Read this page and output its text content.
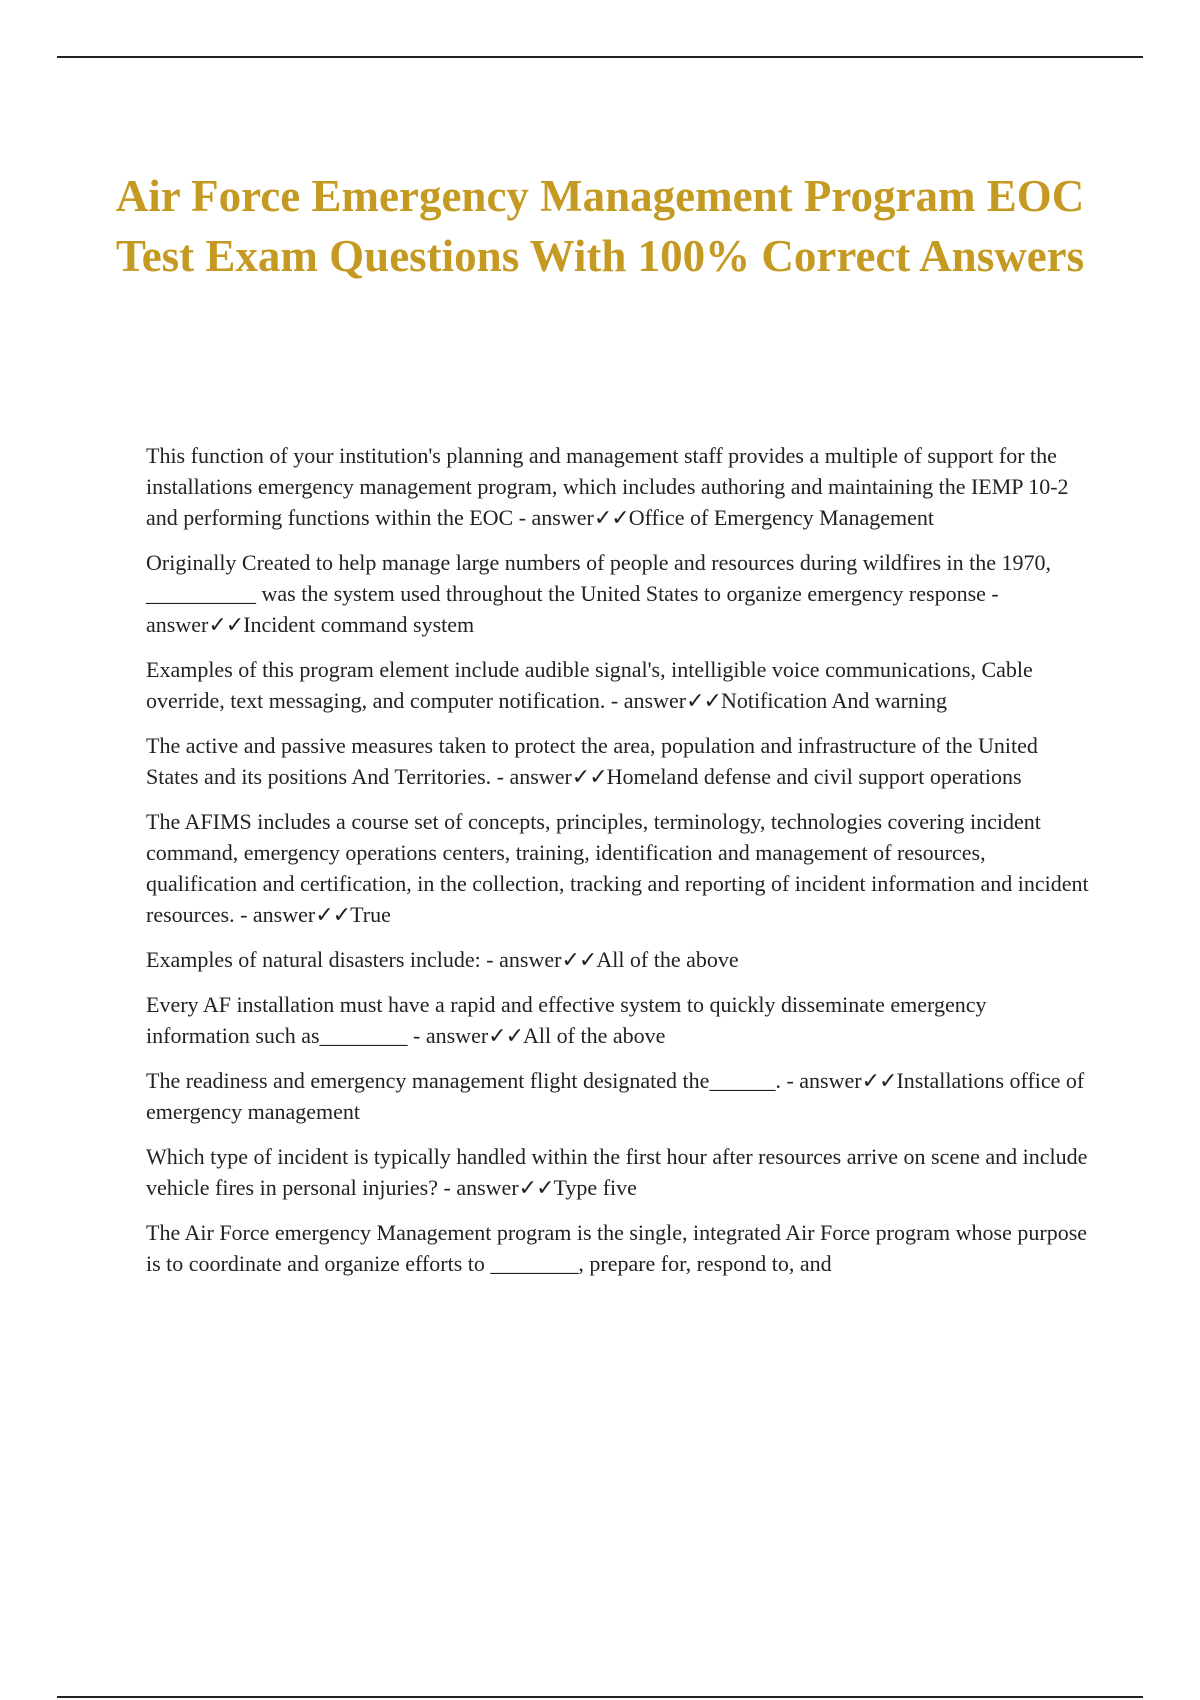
Air Force Emergency Management Program EOC Test Exam Questions With 100% Correct Answers

This function of your institution's planning and management staff provides a multiple of support for the installations emergency management program, which includes authoring and maintaining the IEMP 10-2 and performing functions within the EOC - answer✓✓Office of Emergency Management

Originally Created to help manage large numbers of people and resources during wildfires in the 1970, __________ was the system used throughout the United States to organize emergency response - answer✓✓Incident command system

Examples of this program element include audible signal's, intelligible voice communications, Cable override, text messaging, and computer notification. - answer✓✓Notification And warning

The active and passive measures taken to protect the area, population and infrastructure of the United States and its positions And Territories. - answer✓✓Homeland defense and civil support operations

The AFIMS includes a course set of concepts, principles, terminology, technologies covering incident command, emergency operations centers, training, identification and management of resources, qualification and certification, in the collection, tracking and reporting of incident information and incident resources. - answer✓✓True

Examples of natural disasters include: - answer✓✓All of the above

Every AF installation must have a rapid and effective system to quickly disseminate emergency information such as________ - answer✓✓All of the above

The readiness and emergency management flight designated the______. - answer✓✓Installations office of emergency management

Which type of incident is typically handled within the first hour after resources arrive on scene and include vehicle fires in personal injuries? - answer✓✓Type five

The Air Force emergency Management program is the single, integrated Air Force program whose purpose is to coordinate and organize efforts to ________, prepare for, respond to, and
